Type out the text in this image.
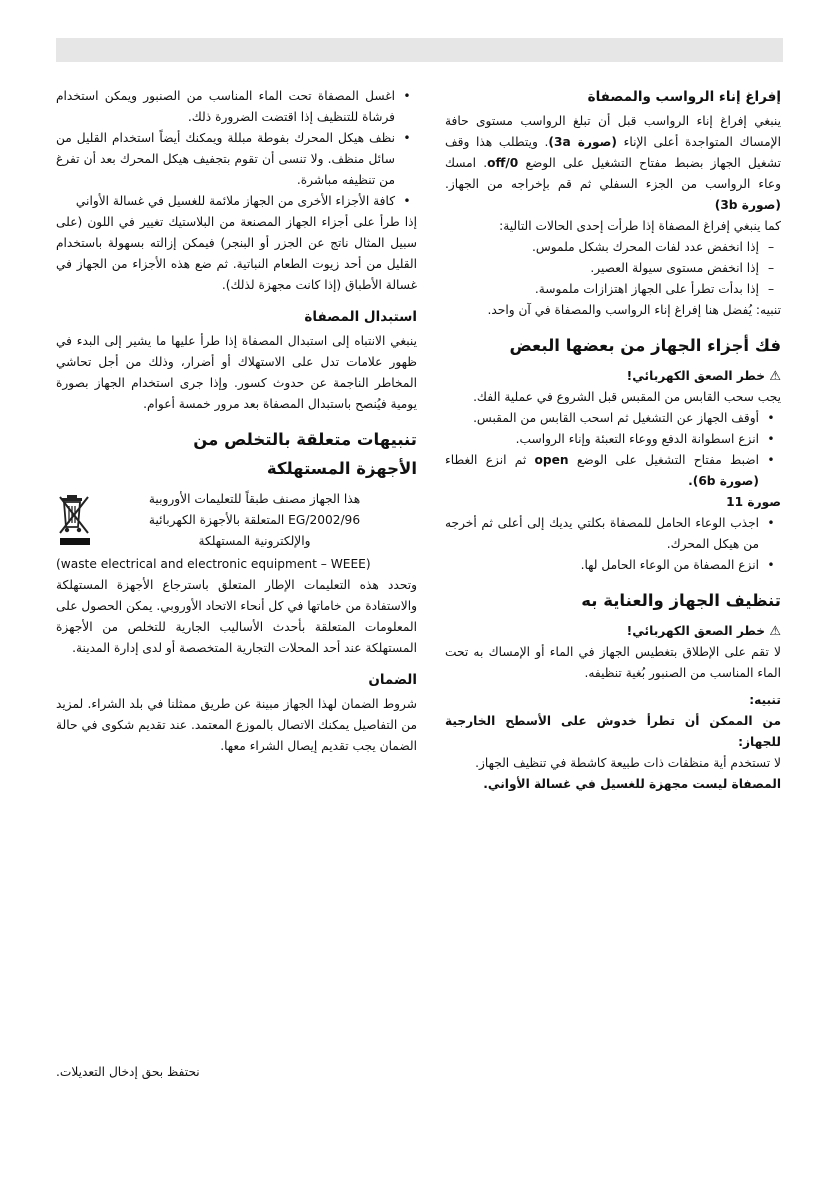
إفراغ إناء الرواسب والمصفاة

ينبغي إفراغ إناء الرواسب قبل أن تبلغ الرواسب مستوى حافة الإمساك المتواجدة أعلى الإناء (صورة 3a). ويتطلب هذا وقف تشغيل الجهاز بضبط مفتاح التشغيل على الوضع off/0. امسك وعاء الرواسب من الجزء السفلي ثم قم بإخراجه من الجهاز.(صورة 3b)

كما ينبغي إفراغ المصفاة إذا طرأت إحدى الحالات التالية:

–
إذا انخفض عدد لفات المحرك بشكل ملموس.
–
إذا انخفض مستوى سيولة العصير.
–
إذا بدأت تطرأ على الجهاز اهتزازات ملموسة.

تنبيه: يُفضل هنا إفراغ إناء الرواسب والمصفاة في آن واحد.

فك أجزاء الجهاز من بعضها البعض

⚠ خطر الصعق الكهربائي!

يجب سحب القابس من المقبس قبل الشروع في عملية الفك.

•
أوقف الجهاز عن التشغيل ثم اسحب القابس من المقبس.
•
انزع اسطوانة الدفع ووعاء التعبئة وإناء الرواسب.
•
اضبط مفتاح التشغيل على الوضع open ثم انزع الغطاء (صورة 6b).

صورة 11

•
اجذب الوعاء الحامل للمصفاة بكلتي يديك إلى أعلى ثم أخرجه من هيكل المحرك.
•
انزع المصفاة من الوعاء الحامل لها.
تنظيف الجهاز والعناية به

⚠ خطر الصعق الكهربائي!

لا تقم على الإطلاق بتغطيس الجهاز في الماء أو الإمساك به تحت الماء المناسب من الصنبور بُغية تنظيفه.

تنبيه:

من الممكن أن تطرأ خدوش على الأسطح الخارجية للجهاز:

لا تستخدم أية منظفات ذات طبيعة كاشطة في تنظيف الجهاز.

المصفاة ليست مجهزة للغسيل في غسالة الأواني.

•
اغسل المصفاة تحت الماء المناسب من الصنبور ويمكن استخدام فرشاة للتنظيف إذا اقتضت الضرورة ذلك.
•
نظف هيكل المحرك بفوطة مبللة ويمكنك أيضاً استخدام القليل من سائل منظف. ولا تنسى أن تقوم بتجفيف هيكل المحرك بعد أن تفرغ من تنظيفه مباشرة.
•
كافة الأجزاء الأخرى من الجهاز ملائمة للغسيل في غسالة الأواني

إذا طرأ على أجزاء الجهاز المصنعة من البلاستيك تغيير في اللون (على سبيل المثال ناتج عن الجزر أو البنجر) فيمكن إزالته بسهولة باستخدام القليل من أحد زيوت الطعام النباتية. ثم ضع هذه الأجزاء من الجهاز في غسالة الأطباق (إذا كانت مجهزة لذلك).

استبدال المصفاة

ينبغي الانتباه إلى استبدال المصفاة إذا طرأ عليها ما يشير إلى البدء في ظهور علامات تدل على الاستهلاك أو أضرار، وذلك من أجل تحاشي المخاطر الناجمة عن حدوث كسور. وإذا جرى استخدام الجهاز بصورة يومية فيُنصح باستبدال المصفاة بعد مرور خمسة أعوام.

تنبيهات متعلقة بالتخلص من
الأجهزة المستهلكة
هذا الجهاز مصنف طبقاً للتعليمات الأوروبية
2002/96/EG المتعلقة بالأجهزة الكهربائية
والإلكترونية المستهلكة

(waste electrical and electronic equipment – WEEE)

وتحدد هذه التعليمات الإطار المتعلق باسترجاع الأجهزة المستهلكة والاستفادة من خاماتها في كل أنحاء الاتحاد الأوروبي. يمكن الحصول على المعلومات المتعلقة بأحدث الأساليب الجارية للتخلص من الأجهزة المستهلكة عند أحد المحلات التجارية المتخصصة أو لدى إدارة المدينة.

الضمان

شروط الضمان لهذا الجهاز مبينة عن طريق ممثلنا في بلد الشراء. لمزيد من التفاصيل يمكنك الاتصال بالموزع المعتمد. عند تقديم شكوى في حالة الضمان يجب تقديم إيصال الشراء معها.

نحتفظ بحق إدخال التعديلات.
